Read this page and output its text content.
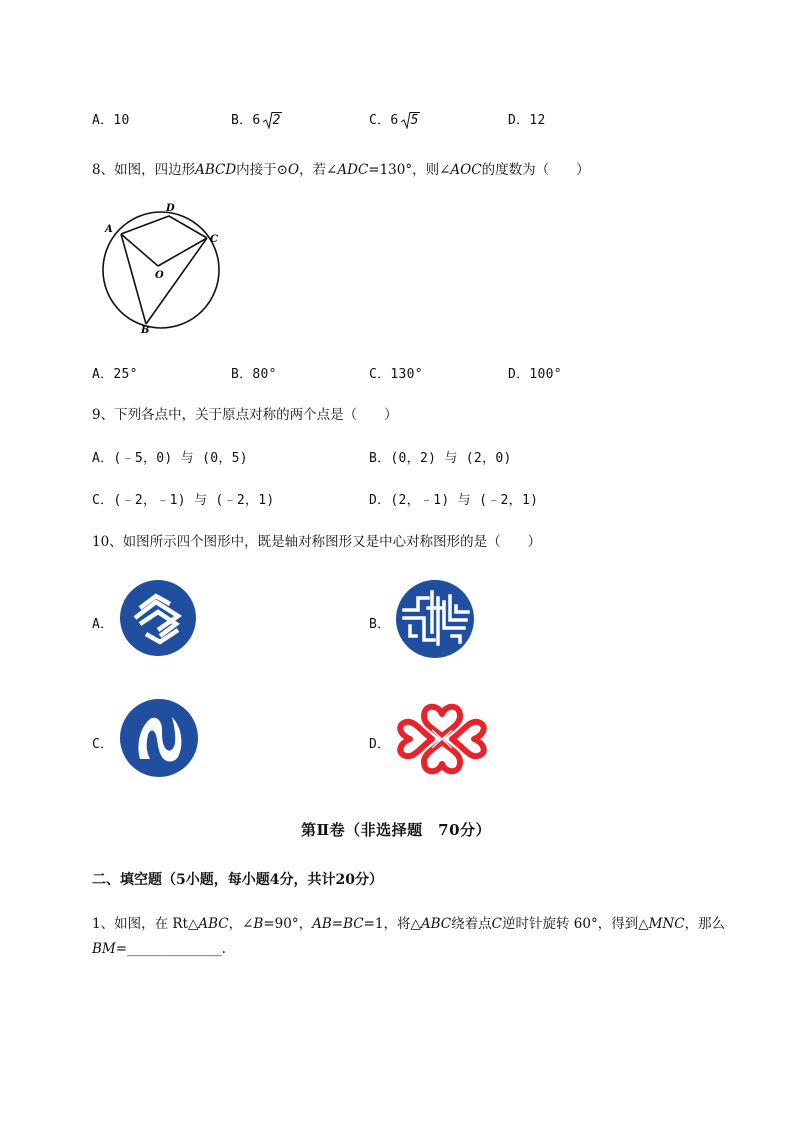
A．10	B．6 2	C．6 5	D．12
8、如图，四边形ABCD内接于⊙O，若∠ADC=130°，则∠AOC的度数为（　　）
A
D
C
O
B
A．25°	B．80°	C．130°	D．100°
9、下列各点中，关于原点对称的两个点是（　　）
A．(﹣5，0) 与 (0，5)	B．(0，2) 与 (2，0)
C．(﹣2，﹣1) 与 (﹣2，1)	D．(2，﹣1) 与 (﹣2，1)
10、如图所示四个图形中，既是轴对称图形又是中心对称图形的是（　　）
A．	B．
C．	D．
第Ⅱ卷（非选择题　70分）
二、填空题（5小题，每小题4分，共计20分）
1、如图，在 Rt△ABC，∠B=90°，AB=BC=1，将△ABC绕着点C逆时针旋转 60°，得到△MNC，那么
BM=______________.
